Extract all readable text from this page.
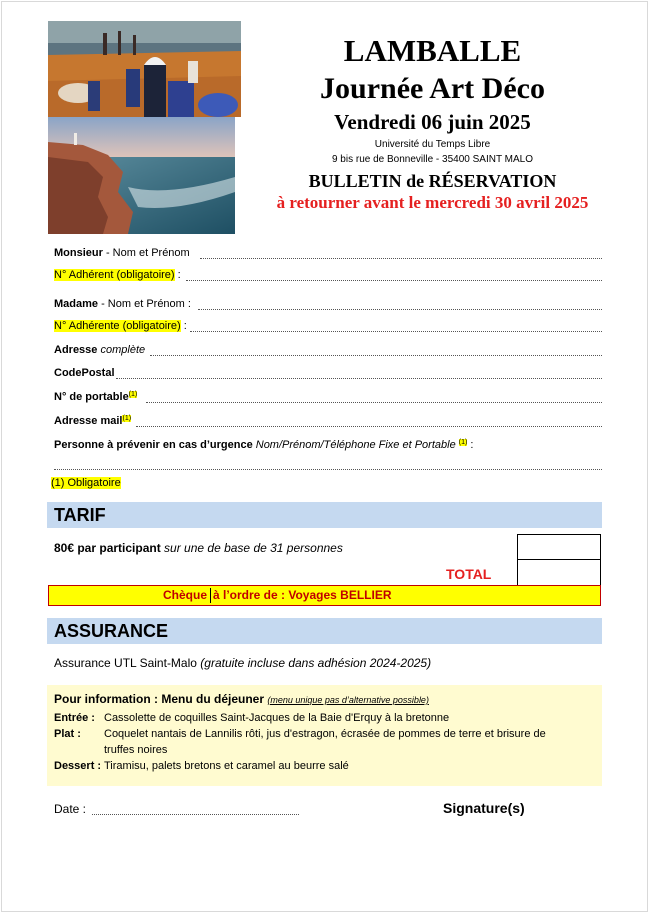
LAMBALLE
Journée Art Déco
Vendredi 06 juin 2025
Université du Temps Libre
9 bis rue de Bonneville - 35400 SAINT MALO
BULLETIN de RÉSERVATION
à retourner avant le mercredi 30 avril 2025
Monsieur - Nom et Prénom
N° Adhérent (obligatoire) :
Madame - Nom et Prénom :
N° Adhérente (obligatoire) :
Adresse complète
CodePostal
N° de portable$^{(1)}$
Adresse mail$^{(1)}$
Personne à prévenir en cas d’urgence Nom/Prénom/Téléphone Fixe et Portable $^{(1)}$ :
(1) Obligatoire
TARIF
80€ par participant sur une de base de 31 personnes
TOTAL
Chèque à l’ordre de : Voyages BELLIER
ASSURANCE
Assurance UTL Saint-Malo (gratuite incluse dans adhésion 2024-2025)
Pour information : Menu du déjeuner (menu unique pas d’alternative possible)
Entrée : Cassolette de coquilles Saint-Jacques de la Baie d'Erquy à la bretonne
Plat : Coquelet nantais de Lannilis rôti, jus d'estragon, écrasée de pommes de terre et brisure de
truffes noires
Dessert : Tiramisu, palets bretons et caramel au beurre salé
Date :	Signature(s)
